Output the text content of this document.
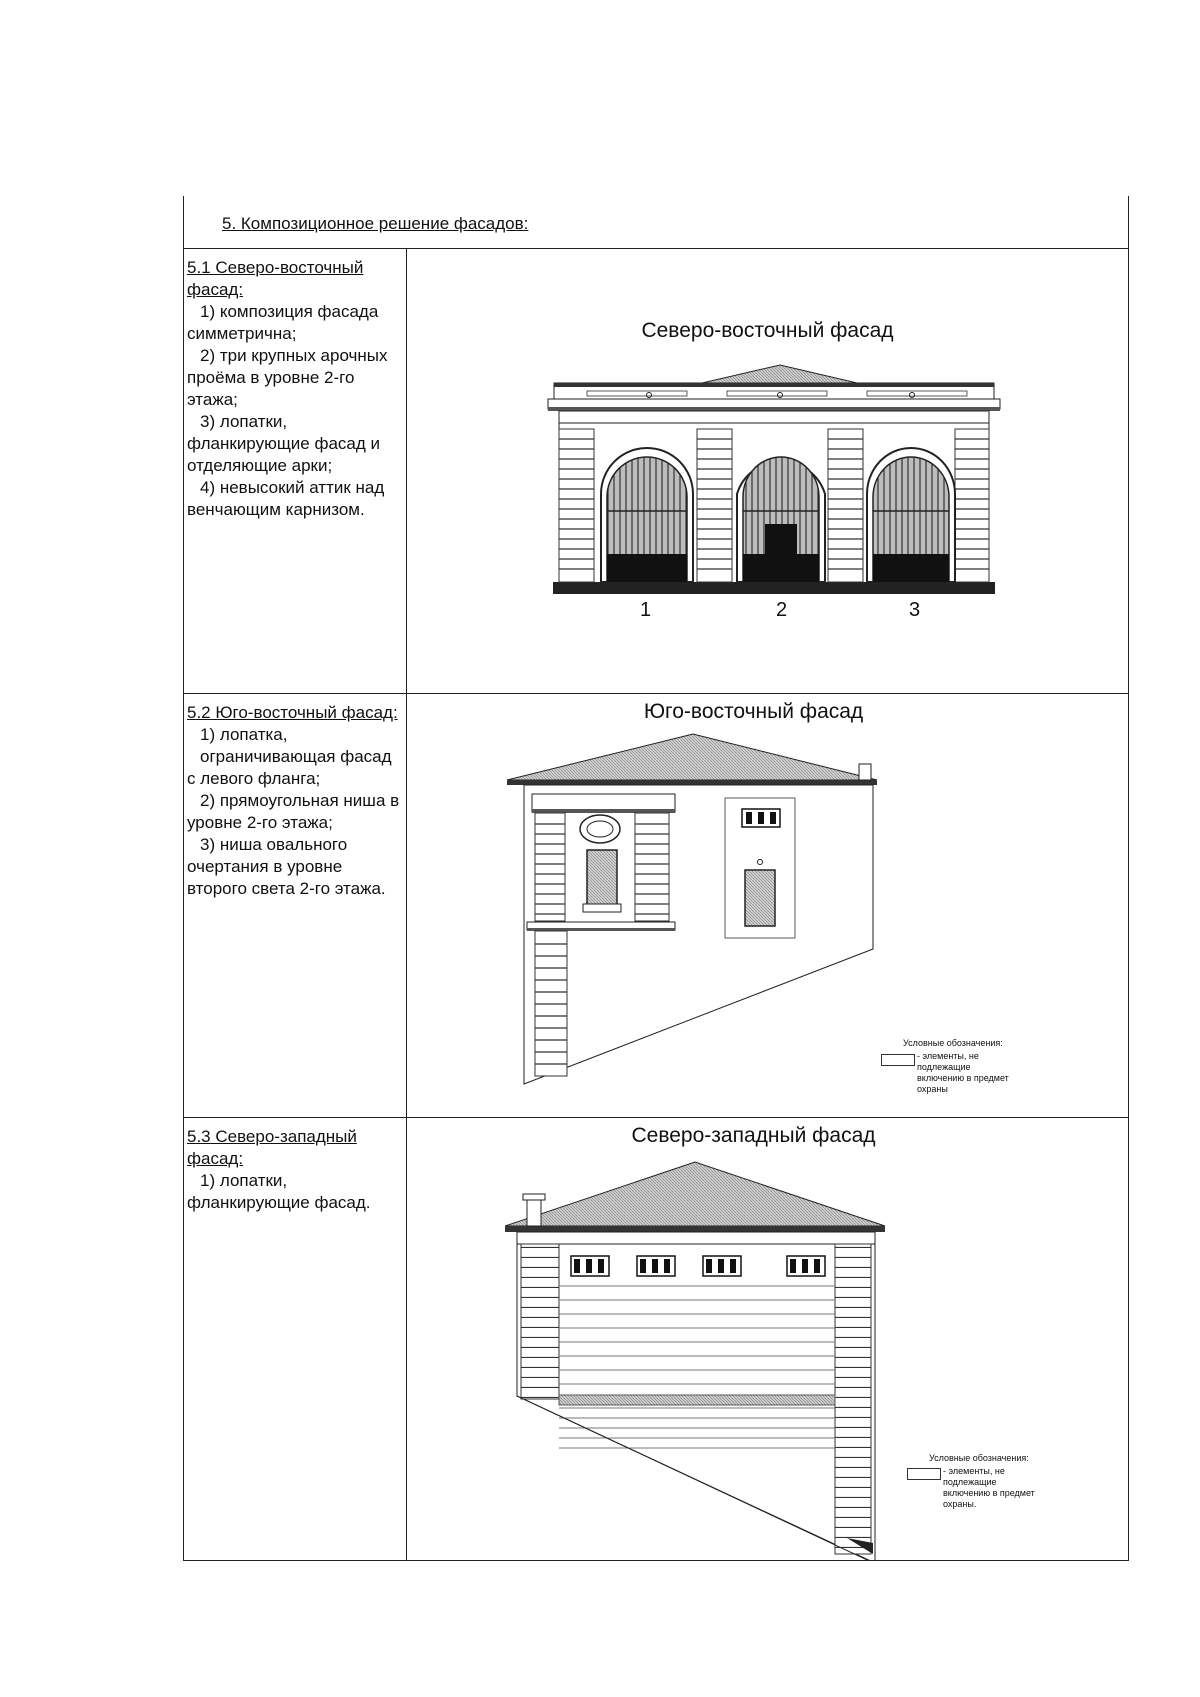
5. Композиционное решение фасадов:
5.1 Северо-восточный
фасад:
1) композиция фасада
симметрична;
2) три крупных арочных
проёма в уровне 2-го
этажа;
3) лопатки,
фланкирующие фасад и
отделяющие арки;
4) невысокий аттик над
венчающим карнизом.
Северо-восточный фасад
1	2	3
5.2 Юго-восточный фасад:
1) лопатка,
ограничивающая фасад
с левого фланга;
2) прямоугольная ниша в
уровне 2-го этажа;
3) ниша овального
очертания в уровне
второго света 2-го этажа.
Юго-восточный фасад
Условные обозначения:
- элементы, не
подлежащие
включению в предмет
охраны
5.3 Северо-западный
фасад:
1) лопатки,
фланкирующие фасад.
Северо-западный фасад
Условные обозначения:
- элементы, не
подлежащие
включению в предмет
охраны.
